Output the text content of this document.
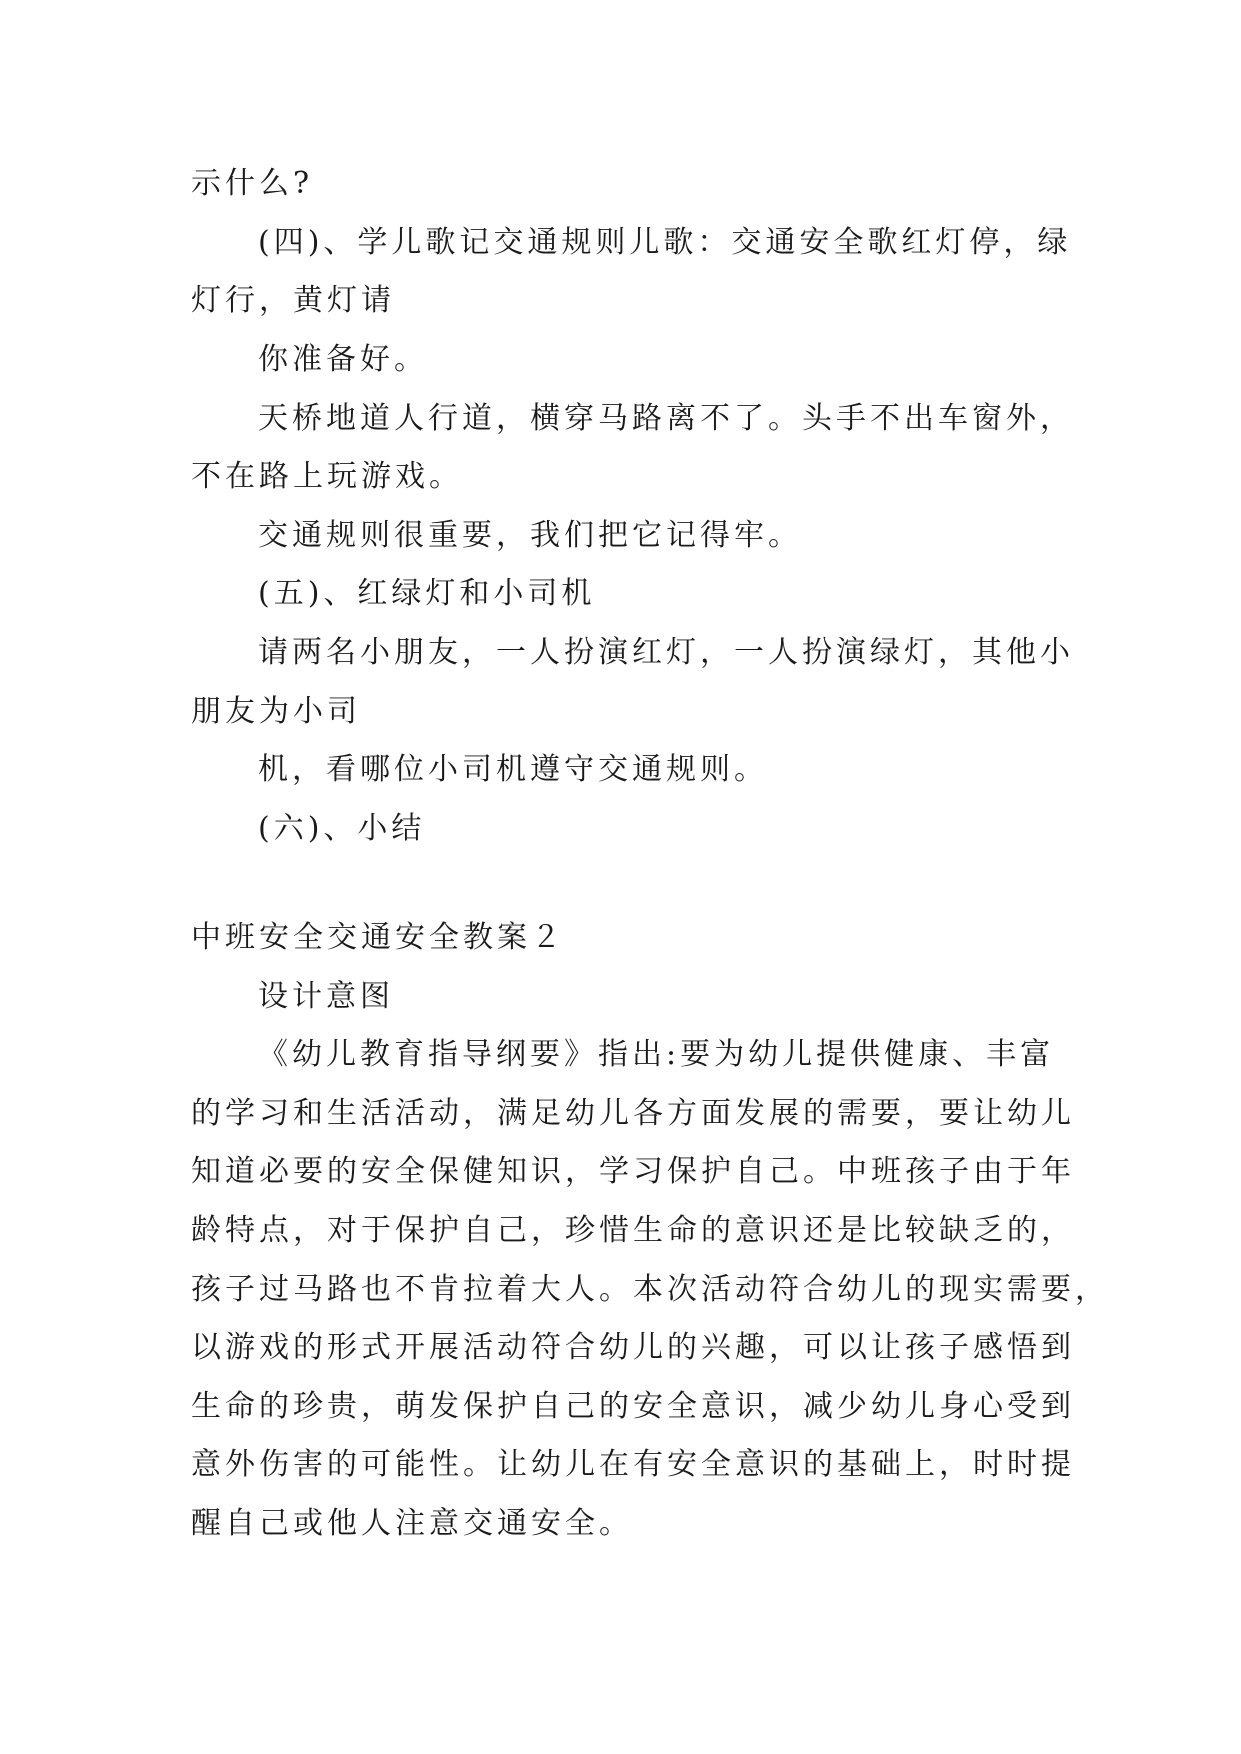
示什么?
(四)、学儿歌记交通规则儿歌：交通安全歌红灯停，绿
灯行，黄灯请
你准备好。
天桥地道人行道，横穿马路离不了。头手不出车窗外，
不在路上玩游戏。
交通规则很重要，我们把它记得牢。
(五)、红绿灯和小司机
请两名小朋友，一人扮演红灯，一人扮演绿灯，其他小
朋友为小司
机，看哪位小司机遵守交通规则。
(六)、小结
中班安全交通安全教案２
设计意图
《幼儿教育指导纲要》指出:要为幼儿提供健康、丰富
的学习和生活活动，满足幼儿各方面发展的需要，要让幼儿
知道必要的安全保健知识，学习保护自己。中班孩子由于年
龄特点，对于保护自己，珍惜生命的意识还是比较缺乏的，
孩子过马路也不肯拉着大人。本次活动符合幼儿的现实需要，
以游戏的形式开展活动符合幼儿的兴趣，可以让孩子感悟到
生命的珍贵，萌发保护自己的安全意识，减少幼儿身心受到
意外伤害的可能性。让幼儿在有安全意识的基础上，时时提
醒自己或他人注意交通安全。
